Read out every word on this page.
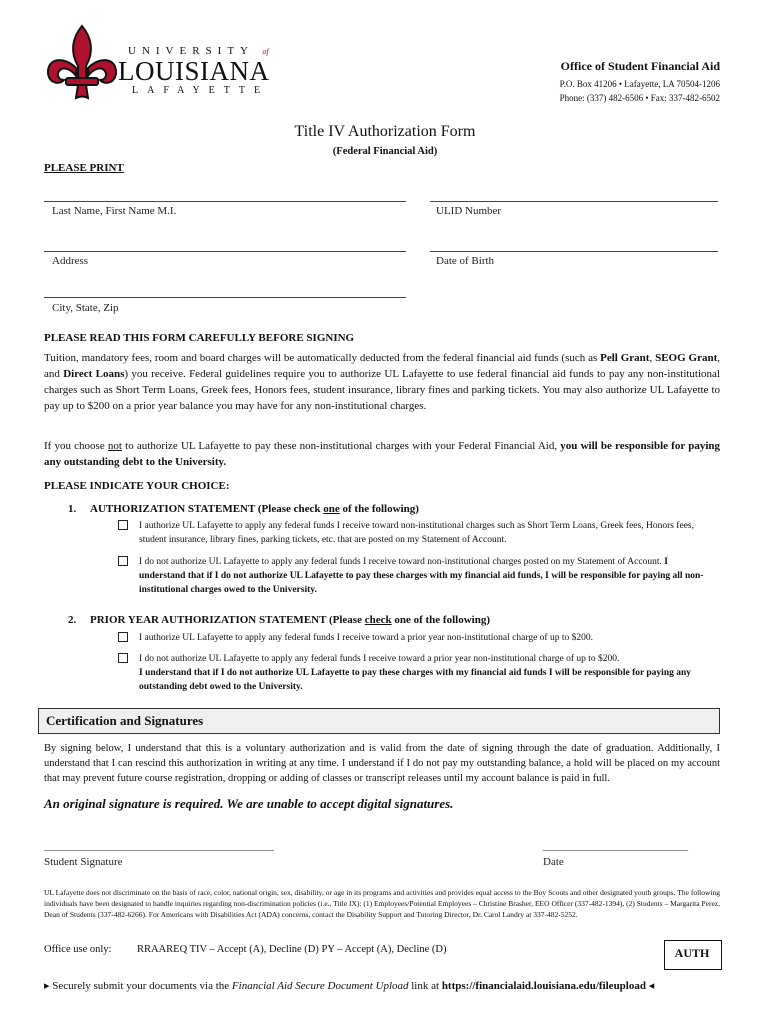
UNIVERSITY of
LOUISIANA
LAFAYETTE
Office of Student Financial Aid
P.O. Box 41206 • Lafayette, LA 70504-1206
Phone: (337) 482-6506 • Fax: 337-482-6502
Title IV Authorization Form
(Federal Financial Aid)
PLEASE PRINT
Last Name, First Name M.I.	ULID Number
Address	Date of Birth
City, State, Zip
PLEASE READ THIS FORM CAREFULLY BEFORE SIGNING
Tuition, mandatory fees, room and board charges will be automatically deducted from the federal financial aid funds (such as Pell Grant, SEOG Grant, and Direct Loans) you receive. Federal guidelines require you to authorize UL Lafayette to use federal financial aid funds to pay any non-institutional charges such as Short Term Loans, Greek fees, Honors fees, student insurance, library fines and parking tickets. You may also authorize UL Lafayette to pay up to $200 on a prior year balance you may have for any non-institutional charges.
If you choose not to authorize UL Lafayette to pay these non-institutional charges with your Federal Financial Aid, you will be responsible for paying any outstanding debt to the University.
PLEASE INDICATE YOUR CHOICE:
1. AUTHORIZATION STATEMENT (Please check one of the following)
I authorize UL Lafayette to apply any federal funds I receive toward non-institutional charges such as Short Term Loans, Greek fees, Honors fees, student insurance, library fines, parking tickets, etc. that are posted on my Statement of Account.
I do not authorize UL Lafayette to apply any federal funds I receive toward non-institutional charges posted on my Statement of Account. I understand that if I do not authorize UL Lafayette to pay these charges with my financial aid funds, I will be responsible for paying all non-institutional charges owed to the University.
2. PRIOR YEAR AUTHORIZATION STATEMENT (Please check one of the following)
I authorize UL Lafayette to apply any federal funds I receive toward a prior year non-institutional charge of up to $200.
I do not authorize UL Lafayette to apply any federal funds I receive toward a prior year non-institutional charge of up to $200.
I understand that if I do not authorize UL Lafayette to pay these charges with my financial aid funds I will be responsible for paying any outstanding debt owed to the University.
Certification and Signatures
By signing below, I understand that this is a voluntary authorization and is valid from the date of signing through the date of graduation. Additionally, I understand that I can rescind this authorization in writing at any time. I understand if I do not pay my outstanding balance, a hold will be placed on my account that may prevent future course registration, dropping or adding of classes or transcript releases until my account balance is paid in full.
An original signature is required. We are unable to accept digital signatures.
______________________________________________
Student Signature
_____________________________
Date
UL Lafayette does not discriminate on the basis of race, color, national origin, sex, disability, or age in its programs and activities and provides equal access to the Boy Scouts and other designated youth groups. The following individuals have been designated to handle inquiries regarding non-discrimination policies (i.e., Title IX): (1) Employees/Potential Employees – Christine Brasher, EEO Officer (337-482-1394), (2) Students – Margarita Perez, Dean of Students (337-482-6266). For Americans with Disabilities Act (ADA) concerns, contact the Disability Support and Tutoring Director, Dr. Carol Landry at 337-482-5252.
Office use only: RRAAREQ TIV – Accept (A), Decline (D) PY – Accept (A), Decline (D)	AUTH
▸ Securely submit your documents via the Financial Aid Secure Document Upload link at https://financialaid.louisiana.edu/fileupload ◂
